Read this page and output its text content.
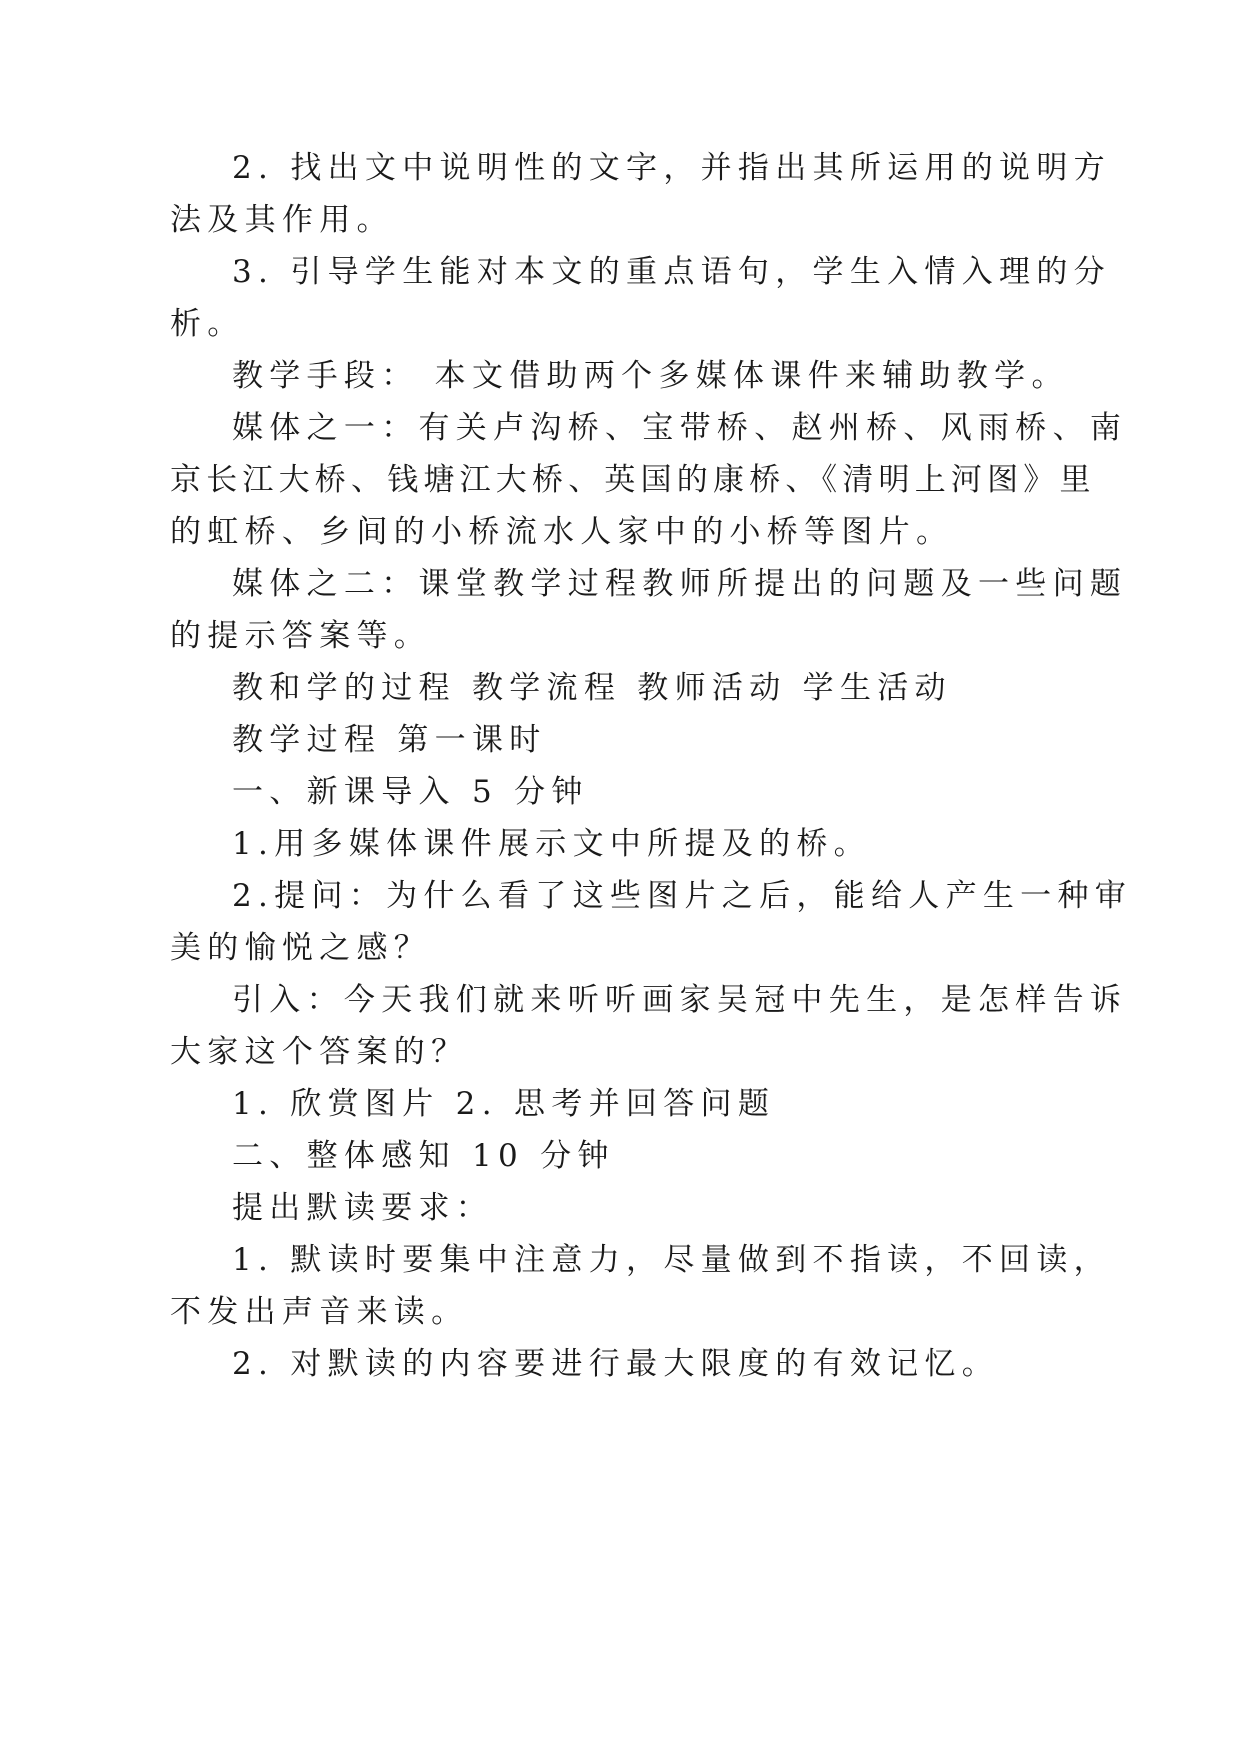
2. 找出文中说明性的文字，并指出其所运用的说明方
法及其作用。
3. 引导学生能对本文的重点语句，学生入情入理的分
析。
教学手段： 本文借助两个多媒体课件来辅助教学。
媒体之一：有关卢沟桥、宝带桥、赵州桥、风雨桥、南
京长江大桥、钱塘江大桥、英国的康桥、《清明上河图》里
的虹桥、乡间的小桥流水人家中的小桥等图片。
媒体之二：课堂教学过程教师所提出的问题及一些问题
的提示答案等。
教和学的过程 教学流程 教师活动 学生活动
教学过程 第一课时
一、新课导入 5 分钟
1.用多媒体课件展示文中所提及的桥。
2.提问：为什么看了这些图片之后，能给人产生一种审
美的愉悦之感？
引入：今天我们就来听听画家吴冠中先生，是怎样告诉
大家这个答案的？
1. 欣赏图片 2. 思考并回答问题
二、整体感知 10 分钟
提出默读要求：
1. 默读时要集中注意力，尽量做到不指读，不回读，
不发出声音来读。
2. 对默读的内容要进行最大限度的有效记忆。
